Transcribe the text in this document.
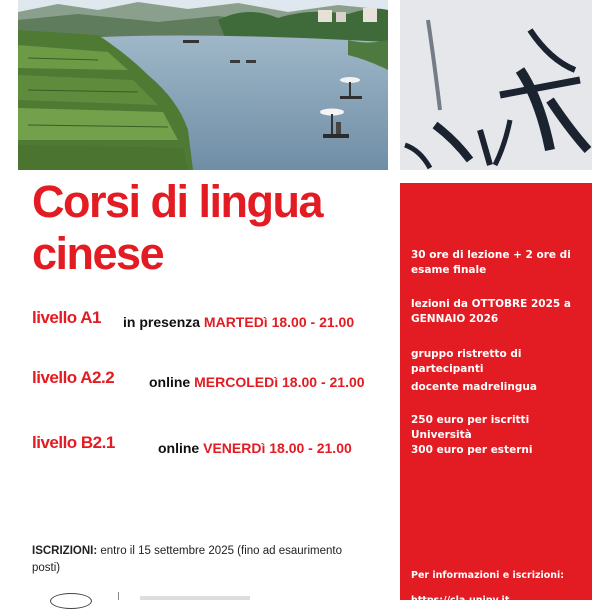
Corsi di lingua
cinese
livello A1 in presenza MARTEDì 18.00 - 21.00
livello A2.2 online MERCOLEDì 18.00 - 21.00
livello B2.1	online VENERDì 18.00 - 21.00
ISCRIZIONI: entro il 15 settembre 2025 (fino ad esaurimento posti)
30 ore di lezione + 2 ore di esame finale
lezioni da OTTOBRE 2025 a GENNAIO 2026
gruppo ristretto di partecipanti
docente madrelingua
250 euro per iscritti Università
300 euro per esterni
Per informazioni e iscrizioni:
https://cla.unipv.it
